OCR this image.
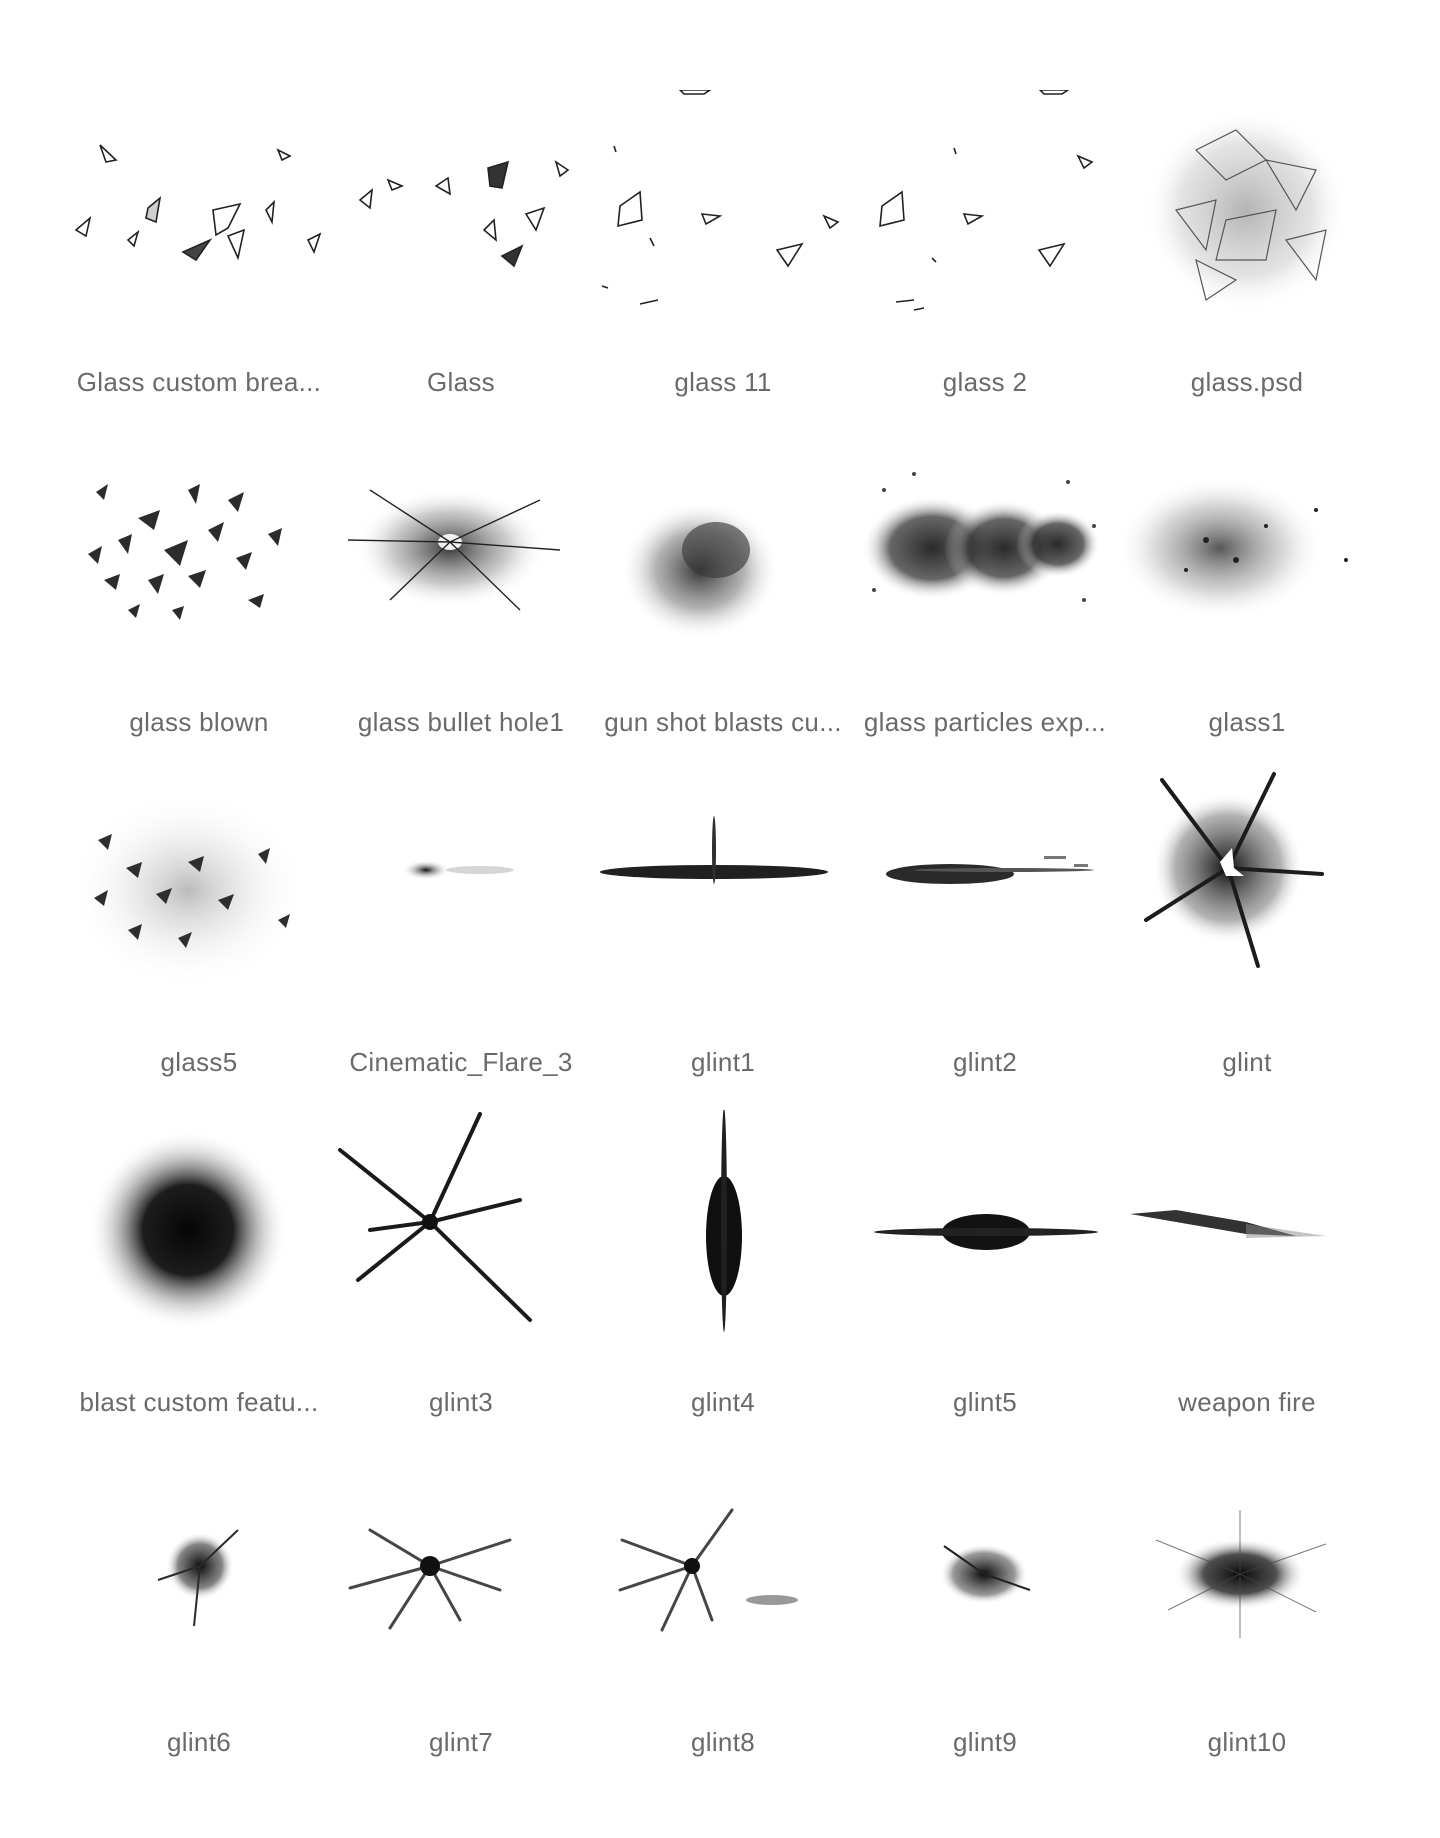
Glass custom brea...	Glass	glass 11	glass 2	glass.psd
glass blown	glass bullet hole1	gun shot blasts cu... glass particles exp...	glass1
glass5	Cinematic_Flare_3	glint1	glint2	glint
blast custom featu...	glint3	glint4	glint5	weapon fire
glint6	glint7	glint8	glint9	glint10
